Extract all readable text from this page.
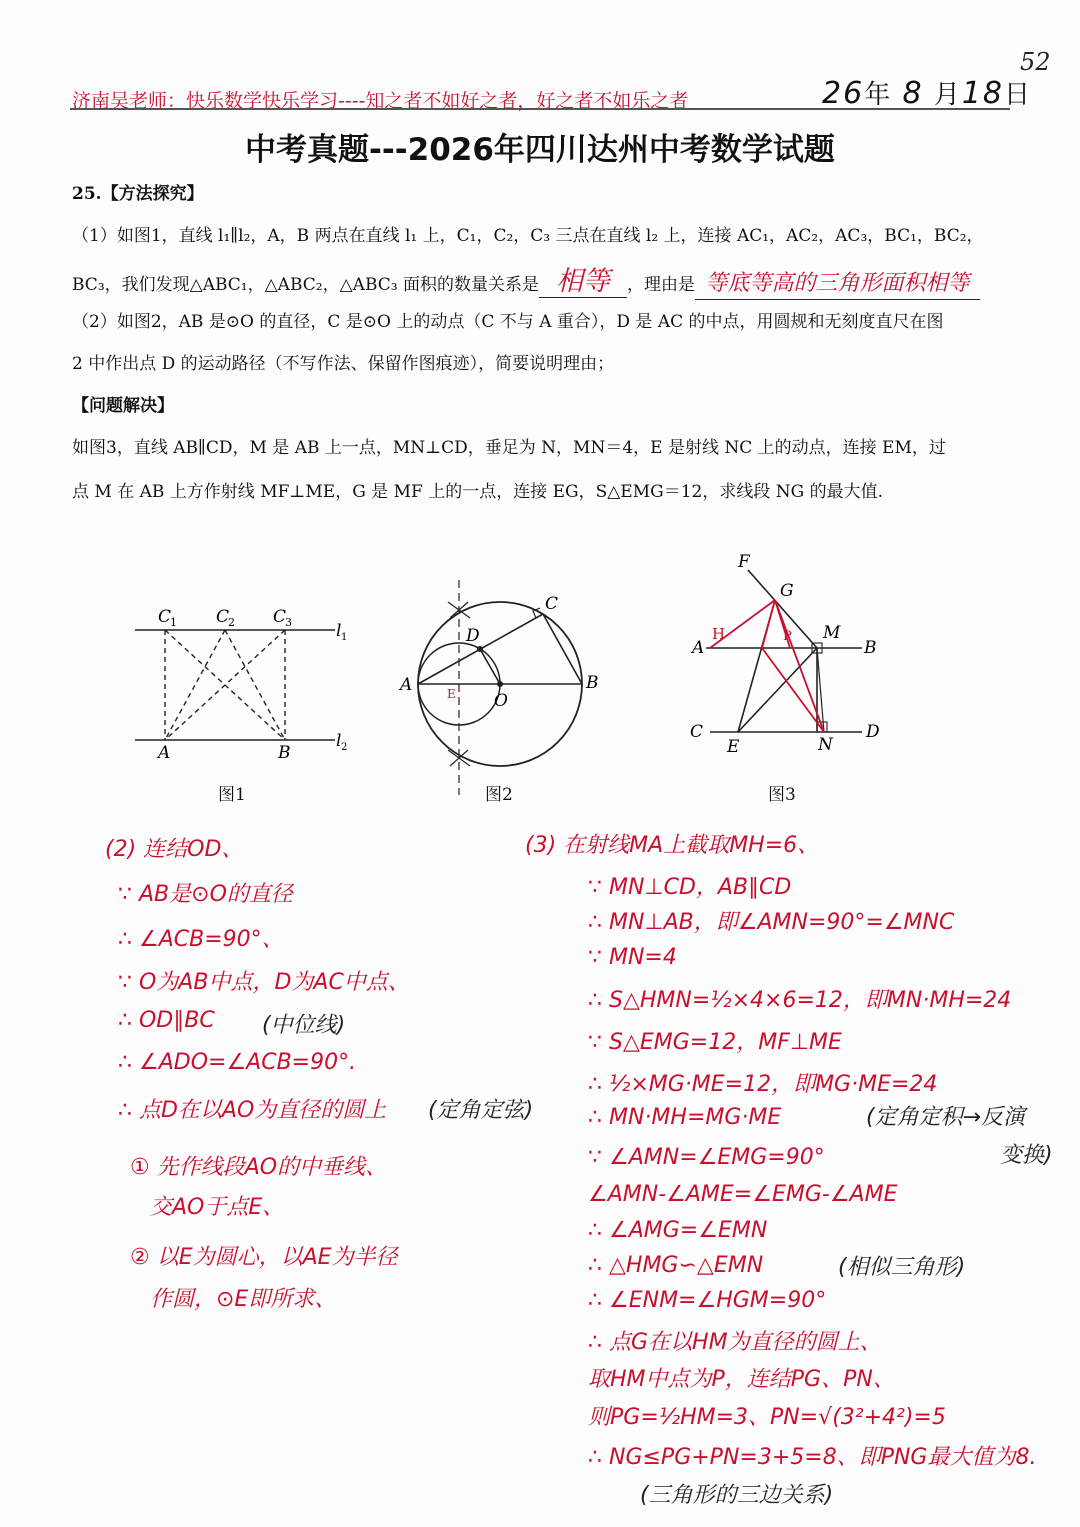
52
济南吴老师：快乐数学快乐学习----知之者不如好之者，好之者不如乐之者	26年 8 月18日
中考真题---2026年四川达州中考数学试题
25.【方法探究】
（1）如图1，直线 l₁∥l₂，A，B 两点在直线 l₁ 上，C₁，C₂，C₃ 三点在直线 l₂ 上，连接 AC₁，AC₂，AC₃，BC₁，BC₂，
BC₃，我们发现△ABC₁，△ABC₂，△ABC₃ 面积的数量关系是 相等 ，理由是 等底等高的三角形面积相等
（2）如图2，AB 是⊙O 的直径，C 是⊙O 上的动点（C 不与 A 重合），D 是 AC 的中点，用圆规和无刻度直尺在图
2 中作出点 D 的运动路径（不写作法、保留作图痕迹），简要说明理由；
【问题解决】
如图3，直线 AB∥CD，M 是 AB 上一点，MN⊥CD，垂足为 N，MN＝4，E 是射线 NC 上的动点，连接 EM，过
点 M 在 AB 上方作射线 MF⊥ME，G 是 MF 上的一点，连接 EG，S△EMG＝12，求线段 NG 的最大值.
C
1 C
2 C
3
A	B
l 1
l 2
A	B
C
D
O
E
F
G
H	P M
A	B
C	D
E	N
图1	图2	图3
(2) 连结OD、
∵ AB是⊙O的直径
∴ ∠ACB=90°、
∵ O为AB中点，D为AC中点、
∴ OD∥BC (中位线)
∴ ∠ADO=∠ACB=90°.
∴ 点D在以AO为直径的圆上 (定角定弦)
① 先作线段AO的中垂线、
交AO于点E、
② 以E为圆心，以AE为半径
作圆，⊙E即所求、
(3) 在射线MA上截取MH=6、
∵ MN⊥CD，AB∥CD
∴ MN⊥AB，即∠AMN=90°=∠MNC
∵ MN=4
∴ S△HMN=½×4×6=12，即MN·MH=24
∵ S△EMG=12，MF⊥ME
∴ ½×MG·ME=12，即MG·ME=24
∴ MN·MH=MG·ME	(定角定积→反演
变换)
∵ ∠AMN=∠EMG=90°
∠AMN-∠AME=∠EMG-∠AME
∴ ∠AMG=∠EMN
∴ △HMG∽△EMN	(相似三角形)
∴ ∠ENM=∠HGM=90°
∴ 点G在以HM为直径的圆上、
取HM中点为P，连结PG、PN、
则PG=½HM=3、PN=√(3²+4²)=5
∴ NG≤PG+PN=3+5=8、即PNG最大值为8.
(三角形的三边关系)
